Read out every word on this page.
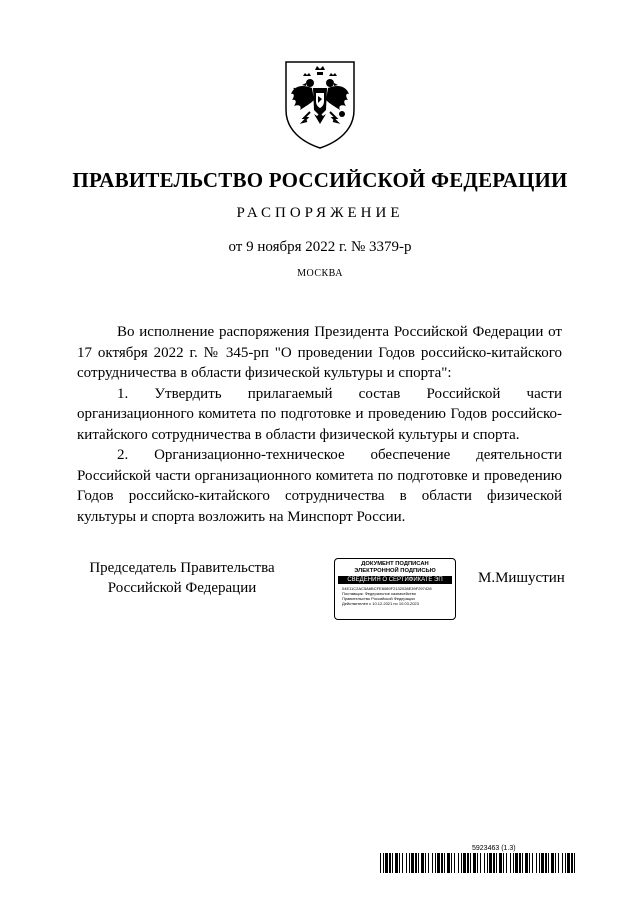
ПРАВИТЕЛЬСТВО РОССИЙСКОЙ ФЕДЕРАЦИИ
РАСПОРЯЖЕНИЕ
от 9 ноября 2022 г. № 3379-р
МОСКВА

Во исполнение распоряжения Президента Российской Федерации от 17 октября 2022 г. № 345-рп "О проведении Годов российско-китайского сотрудничества в области физической культуры и спорта":

1. Утвердить прилагаемый состав Российской части организационного комитета по подготовке и проведению Годов российско-китайского сотрудничества в области физической культуры и спорта.

2. Организационно-техническое обеспечение деятельности Российской части организационного комитета по подготовке и проведению Годов российско-китайского сотрудничества в области физической культуры и спорта возложить на Минспорт России.

Председатель Правительства
Российской Федерации
ДОКУМЕНТ ПОДПИСАН
ЭЛЕКТРОННОЙ ПОДПИСЬЮ
СВЕДЕНИЯ О СЕРТИФИКАТЕ ЭП
04E11C2AC5A6BCFE8089F2132028E39F297428
Поставщик: Федеральное казначейство
Правительство Российской Федерации
Действителен с 10.12.2021 по 10.03.2023
М.Мишустин
5923463 (1.3)
